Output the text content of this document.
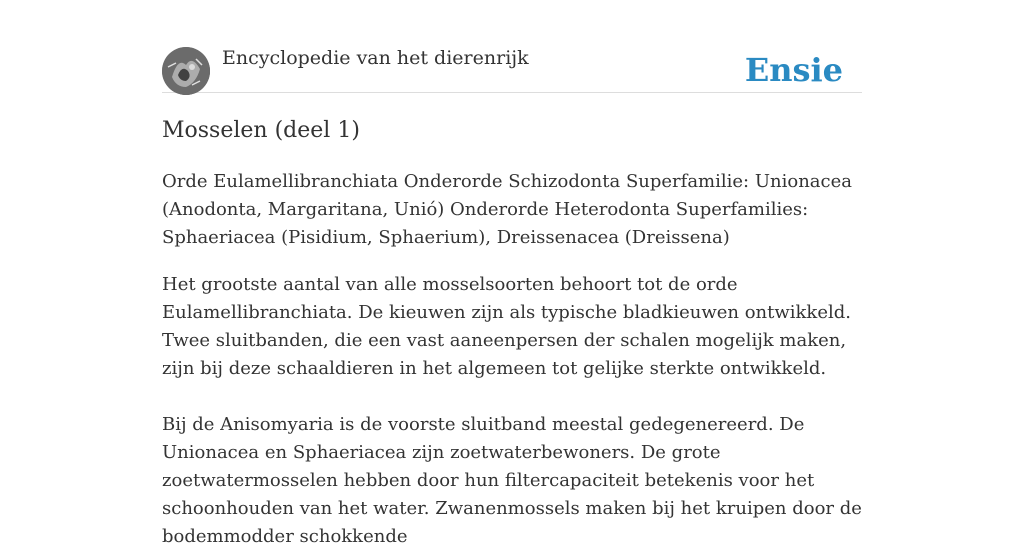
Encyclopedie van het dierenrijk	Ensie
Mosselen (deel 1)

Orde Eulamellibranchiata Onderorde Schizodonta Superfamilie: Unionacea (Anodonta, Margaritana, Unió) Onderorde Heterodonta Superfamilies: Sphaeriacea (Pisidium, Sphaerium), Dreissenacea (Dreissena)

Het grootste aantal van alle mosselsoorten behoort tot de orde Eulamellibranchiata. De kieuwen zijn als typische bladkieuwen ontwikkeld. Twee sluitbanden, die een vast aaneenpersen der schalen mogelijk maken, zijn bij deze schaaldieren in het algemeen tot gelijke sterkte ontwikkeld.

Bij de Anisomyaria is de voorste sluitband meestal gedegenereerd. De Unionacea en Sphaeriacea zijn zoetwaterbewoners. De grote zoetwatermosselen hebben door hun filtercapaciteit betekenis voor het schoonhouden van het water. Zwanenmossels maken bij het kruipen door de bodemmodder schokkende
